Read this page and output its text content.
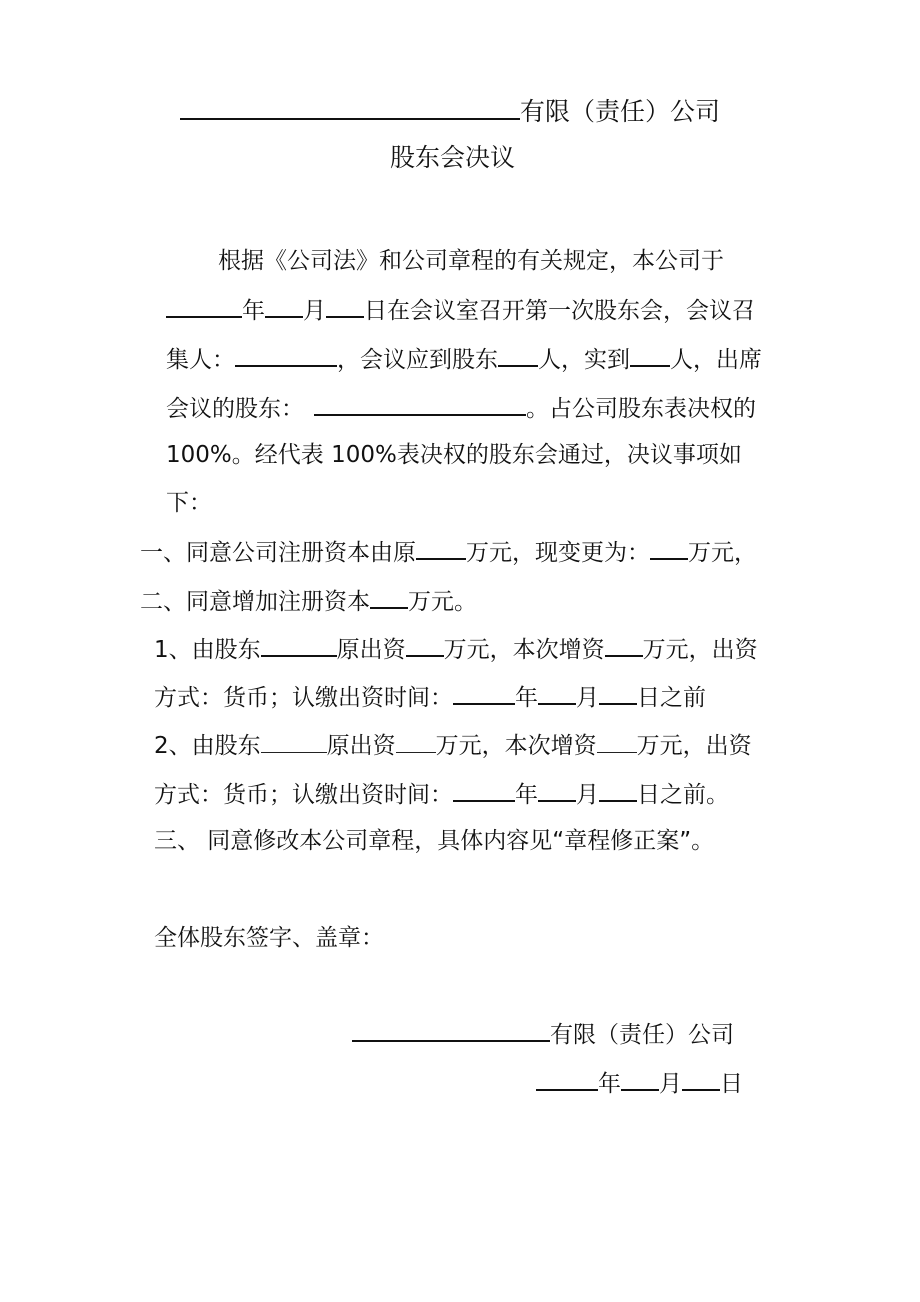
有限（责任）公司
股东会决议
根据《公司法》和公司章程的有关规定，本公司于
年 月 日在会议室召开第一次股东会，会议召
集人：	，会议应到股东 人，实到 人，出席
会议的股东：	。占公司股东表决权的
100%。经代表 100%表决权的股东会通过，决议事项如
下：
一、同意公司注册资本由原 万元，现变更为： 万元，
二、同意增加注册资本 万元。
1、由股东	原出资 万元，本次增资 万元，出资
方式：货币；认缴出资时间：	年 月 日之前
2、由股东	原出资 万元，本次增资 万元，出资
方式：货币；认缴出资时间：	年 月 日之前。
三、 同意修改本公司章程，具体内容见“章程修正案”。
全体股东签字、盖章：
有限（责任）公司
年 月 日
